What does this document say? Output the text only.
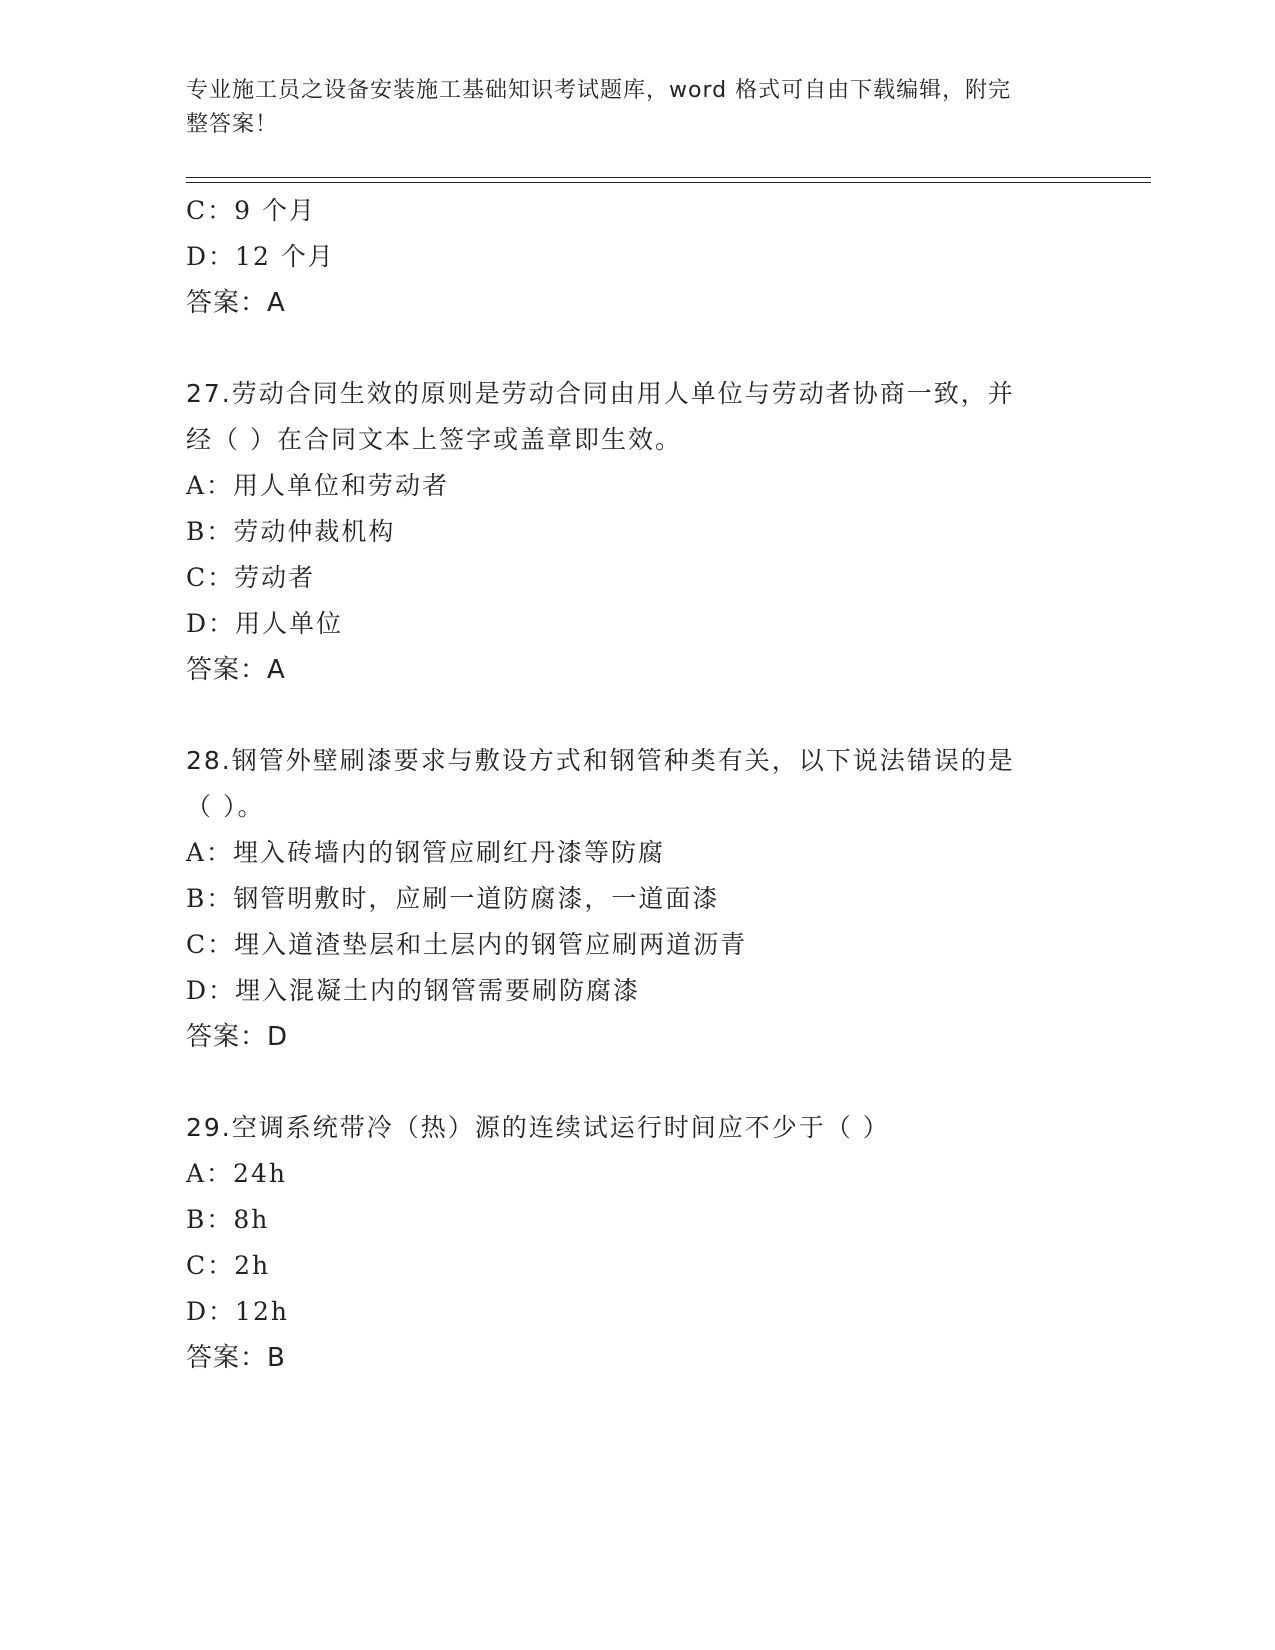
专业施工员之设备安装施工基础知识考试题库，word 格式可自由下载编辑，附完
整答案！
C：9 个月
D：12 个月
答案：A
27.劳动合同生效的原则是劳动合同由用人单位与劳动者协商一致，并
经（ ）在合同文本上签字或盖章即生效。
A：用人单位和劳动者
B：劳动仲裁机构
C：劳动者
D：用人单位
答案：A
28.钢管外壁刷漆要求与敷设方式和钢管种类有关，以下说法错误的是
（ ）。
A：埋入砖墙内的钢管应刷红丹漆等防腐
B：钢管明敷时，应刷一道防腐漆，一道面漆
C：埋入道渣垫层和土层内的钢管应刷两道沥青
D：埋入混凝土内的钢管需要刷防腐漆
答案：D
29.空调系统带冷（热）源的连续试运行时间应不少于（ ）
A：24h
B：8h
C：2h
D：12h
答案：B
